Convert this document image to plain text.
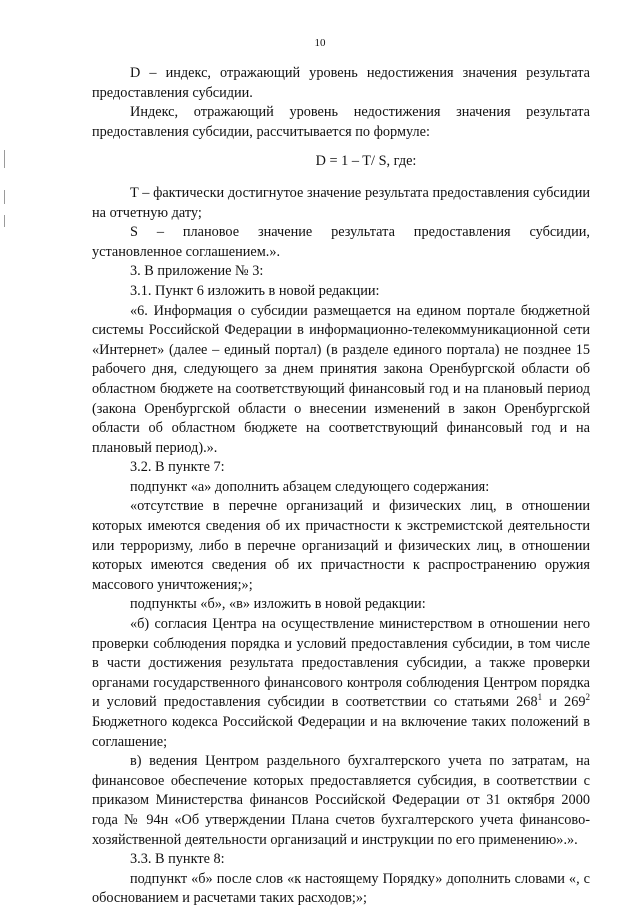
10

D – индекс, отражающий уровень недостижения значения результата предоставления субсидии.

Индекс, отражающий уровень недостижения значения результата предоставления субсидии, рассчитывается по формуле:

D = 1 – T/ S, где:

T – фактически достигнутое значение результата предоставления субсидии на отчетную дату;

S – плановое значение результата предоставления субсидии, установленное соглашением.».

3. В приложение № 3:

3.1. Пункт 6 изложить в новой редакции:

«6. Информация о субсидии размещается на едином портале бюджетной системы Российской Федерации в информационно-телекоммуникационной сети «Интернет» (далее – единый портал) (в разделе единого портала) не позднее 15 рабочего дня, следующего за днем принятия закона Оренбургской области об областном бюджете на соответствующий финансовый год и на плановый период (закона Оренбургской области о внесении изменений в закон Оренбургской области об областном бюджете на соответствующий финансовый год и на плановый период).».

3.2. В пункте 7:

подпункт «а» дополнить абзацем следующего содержания:

«отсутствие в перечне организаций и физических лиц, в отношении которых имеются сведения об их причастности к экстремистской деятельности или терроризму, либо в перечне организаций и физических лиц, в отношении которых имеются сведения об их причастности к распространению оружия массового уничтожения;»;

подпункты «б», «в» изложить в новой редакции:

«б) согласия Центра на осуществление министерством в отношении него проверки соблюдения порядка и условий предоставления субсидии, в том числе в части достижения результата предоставления субсидии, а также проверки органами государственного финансового контроля соблюдения Центром порядка и условий предоставления субсидии в соответствии со статьями $268^1$ и $269^2$ Бюджетного кодекса Российской Федерации и на включение таких положений в соглашение;

в) ведения Центром раздельного бухгалтерского учета по затратам, на финансовое обеспечение которых предоставляется субсидия, в соответствии с приказом Министерства финансов Российской Федерации от 31 октября 2000 года № 94н «Об утверждении Плана счетов бухгалтерского учета финансово-хозяйственной деятельности организаций и инструкции по его применению».».

3.3. В пункте 8:

подпункт «б» после слов «к настоящему Порядку» дополнить словами «, с обоснованием и расчетами таких расходов;»;
